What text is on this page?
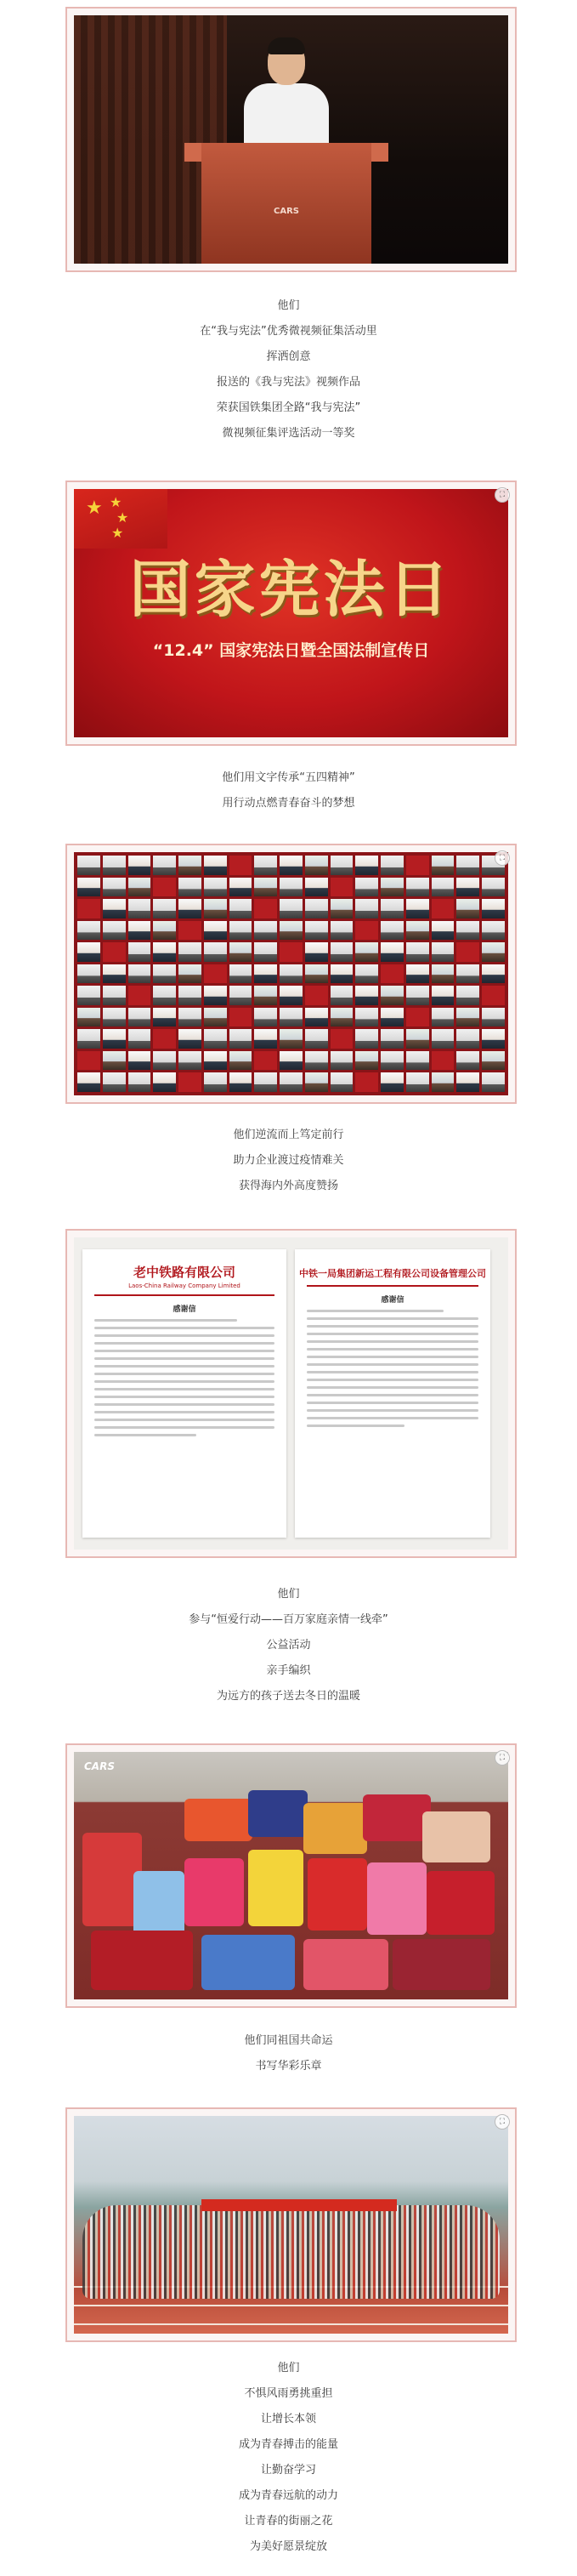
CARS

他们

在“我与宪法”优秀微视频征集活动里

挥洒创意

报送的《我与宪法》视频作品

荣获国铁集团全路“我与宪法”

微视频征集评选活动一等奖

★ ★
★
★
国家宪法日
“12.4” 国家宪法日暨全国法制宣传日
⛶

他们用文字传承“五四精神”

用行动点燃青春奋斗的梦想

⛶

他们逆流而上笃定前行

助力企业渡过疫情难关

获得海内外高度赞扬

老中铁路有限公司
Laos-China Railway Company Limited
感谢信
中铁一局集团新运工程有限公司设备管理公司
感谢信

他们

参与“恒爱行动——百万家庭亲情一线牵”

公益活动

亲手编织

为远方的孩子送去冬日的温暖

CARS
⛶

他们同祖国共命运

书写华彩乐章

⛶

他们

不惧风雨勇挑重担

让增长本领

成为青春搏击的能量

让勤奋学习

成为青春远航的动力

让青春的街丽之花

为美好愿景绽放
